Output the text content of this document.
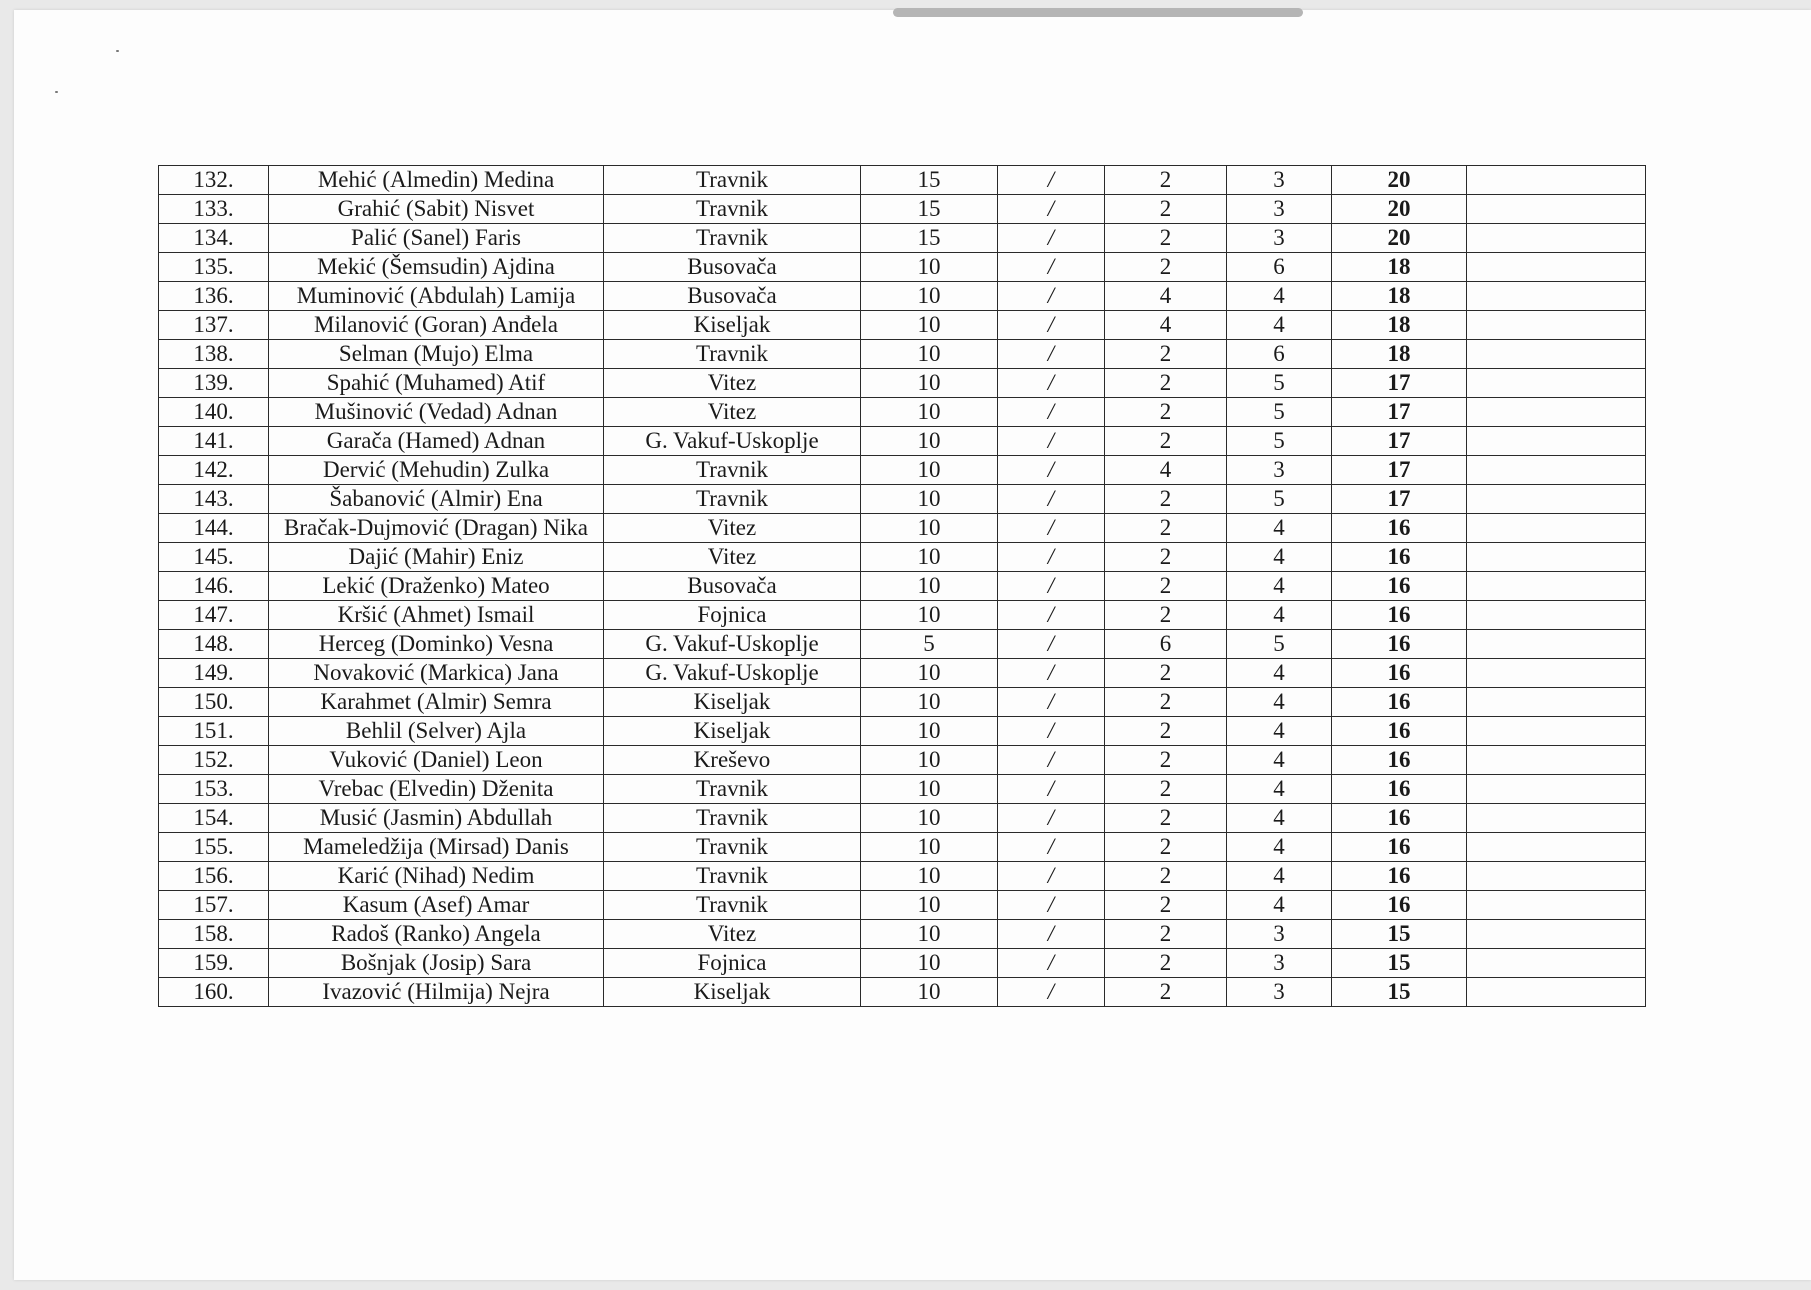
132.	Mehić (Almedin) Medina	Travnik	15	/	2	3	20	
133.	Grahić (Sabit) Nisvet	Travnik	15	/	2	3	20	
134.	Palić (Sanel) Faris	Travnik	15	/	2	3	20	
135.	Mekić (Šemsudin) Ajdina	Busovača	10	/	2	6	18	
136.	Muminović (Abdulah) Lamija	Busovača	10	/	4	4	18	
137.	Milanović (Goran) Anđela	Kiseljak	10	/	4	4	18	
138.	Selman (Mujo) Elma	Travnik	10	/	2	6	18	
139.	Spahić (Muhamed) Atif	Vitez	10	/	2	5	17	
140.	Mušinović (Vedad) Adnan	Vitez	10	/	2	5	17	
141.	Garača (Hamed) Adnan	G. Vakuf-Uskoplje	10	/	2	5	17	
142.	Dervić (Mehudin) Zulka	Travnik	10	/	4	3	17	
143.	Šabanović (Almir) Ena	Travnik	10	/	2	5	17	
144.	Bračak-Dujmović (Dragan) Nika	Vitez	10	/	2	4	16	
145.	Dajić (Mahir) Eniz	Vitez	10	/	2	4	16	
146.	Lekić (Draženko) Mateo	Busovača	10	/	2	4	16	
147.	Kršić (Ahmet) Ismail	Fojnica	10	/	2	4	16	
148.	Herceg (Dominko) Vesna	G. Vakuf-Uskoplje	5	/	6	5	16	
149.	Novaković (Markica) Jana	G. Vakuf-Uskoplje	10	/	2	4	16	
150.	Karahmet (Almir) Semra	Kiseljak	10	/	2	4	16	
151.	Behlil (Selver) Ajla	Kiseljak	10	/	2	4	16	
152.	Vuković (Daniel) Leon	Kreševo	10	/	2	4	16	
153.	Vrebac (Elvedin) Dženita	Travnik	10	/	2	4	16	
154.	Musić (Jasmin) Abdullah	Travnik	10	/	2	4	16	
155.	Mameledžija (Mirsad) Danis	Travnik	10	/	2	4	16	
156.	Karić (Nihad) Nedim	Travnik	10	/	2	4	16	
157.	Kasum (Asef) Amar	Travnik	10	/	2	4	16	
158.	Radoš (Ranko) Angela	Vitez	10	/	2	3	15	
159.	Bošnjak (Josip) Sara	Fojnica	10	/	2	3	15	
160.	Ivazović (Hilmija) Nejra	Kiseljak	10	/	2	3	15	
